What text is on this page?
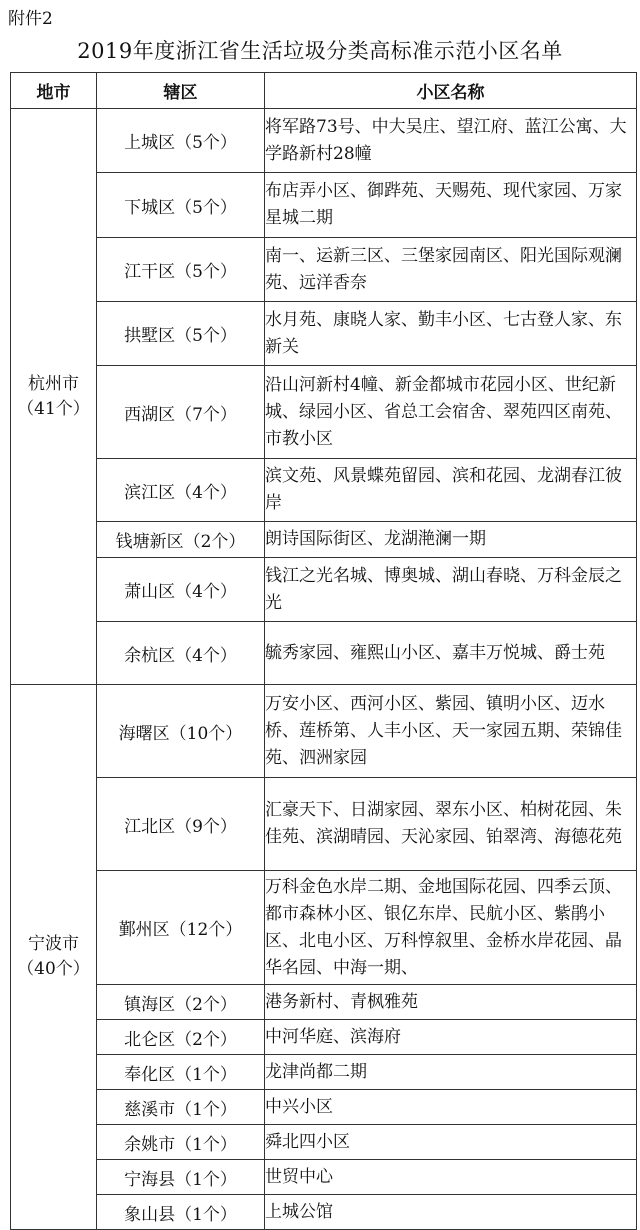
附件2
2019年度浙江省生活垃圾分类高标准示范小区名单
地市	辖区	小区名称

杭州市
（41个）	上城区（5个）	将军路73号、中大吴庄、望江府、蓝江公寓、大学路新村28幢
	下城区（5个）	布店弄小区、御跸苑、天赐苑、现代家园、万家星城二期
	江干区（5个）	南一、运新三区、三堡家园南区、阳光国际观澜苑、远洋香奈
	拱墅区（5个）	水月苑、康晓人家、勤丰小区、七古登人家、东新关
	西湖区（7个）	沿山河新村4幢、新金都城市花园小区、世纪新城、绿园小区、省总工会宿舍、翠苑四区南苑、市教小区
	滨江区（4个）	滨文苑、风景蝶苑留园、滨和花园、龙湖春江彼岸
	钱塘新区（2个）	朗诗国际街区、龙湖滟澜一期
	萧山区（4个）	钱江之光名城、博奥城、湖山春晓、万科金辰之光
	余杭区（4个）	毓秀家园、雍熙山小区、嘉丰万悦城、爵士苑

宁波市
（40个）	海曙区（10个）	万安小区、西河小区、紫园、镇明小区、迈水桥、莲桥第、人丰小区、天一家园五期、荣锦佳苑、泗洲家园
	江北区（9个）	汇豪天下、日湖家园、翠东小区、柏树花园、朱佳苑、滨湖晴园、天沁家园、铂翠湾、海德花苑
	鄞州区（12个）	万科金色水岸二期、金地国际花园、四季云顶、都市森林小区、银亿东岸、民航小区、紫鹃小区、北电小区、万科惇叙里、金桥水岸花园、晶华名园、中海一期、
	镇海区（2个）	港务新村、青枫雅苑
	北仑区（2个）	中河华庭、滨海府
	奉化区（1个）	龙津尚都二期
	慈溪市（1个）	中兴小区
	余姚市（1个）	舜北四小区
	宁海县（1个）	世贸中心
	象山县（1个）	上城公馆
